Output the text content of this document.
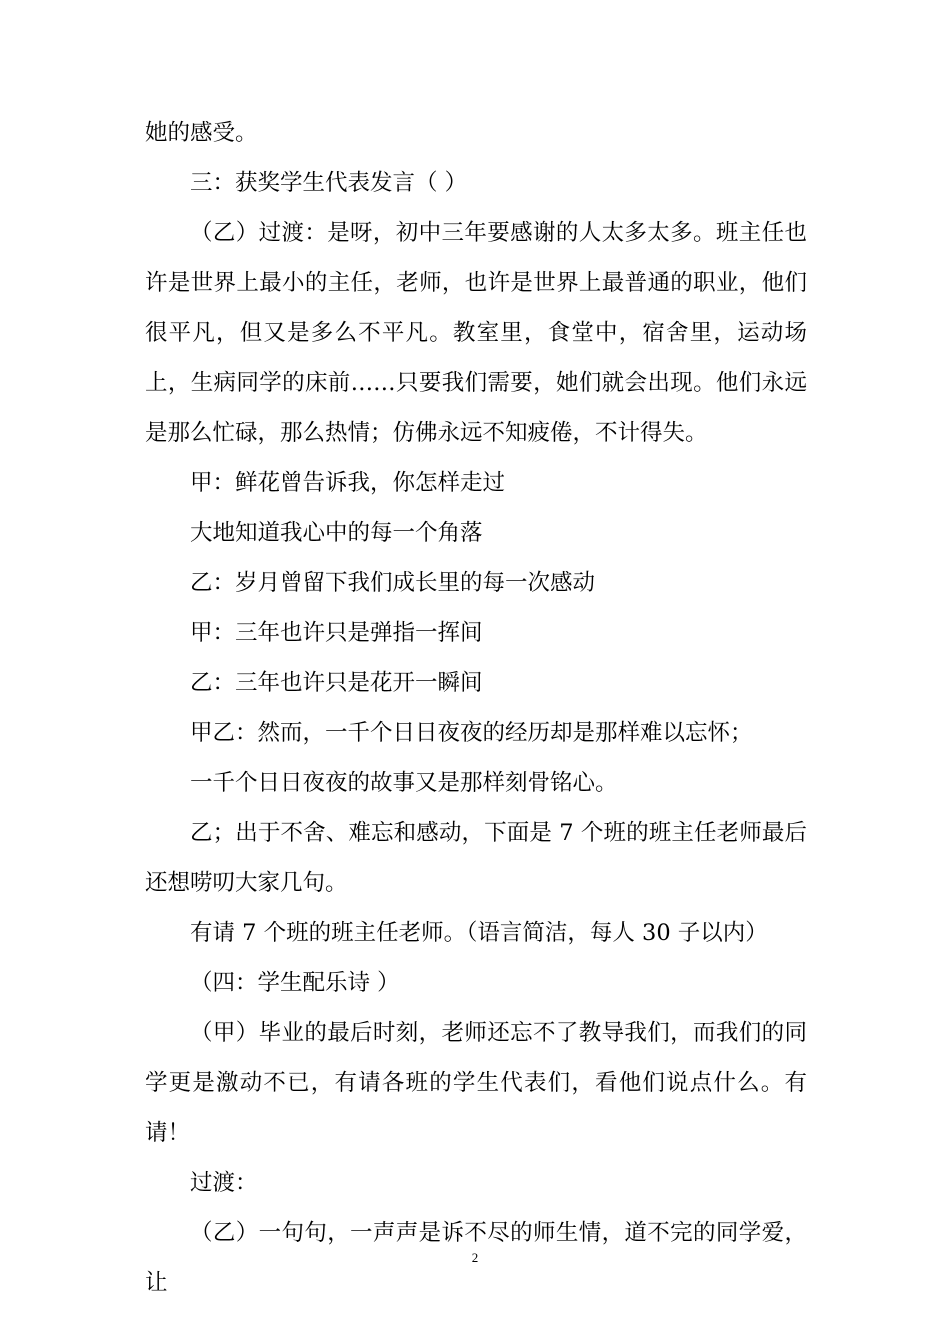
她的感受。

三：获奖学生代表发言（ ）

（乙）过渡：是呀，初中三年要感谢的人太多太多。班主任也许是世界上最小的主任，老师，也许是世界上最普通的职业，他们很平凡，但又是多么不平凡。教室里，食堂中，宿舍里，运动场上，生病同学的床前……只要我们需要，她们就会出现。他们永远是那么忙碌，那么热情；仿佛永远不知疲倦，不计得失。

甲：鲜花曾告诉我，你怎样走过

大地知道我心中的每一个角落

乙：岁月曾留下我们成长里的每一次感动

甲：三年也许只是弹指一挥间

乙：三年也许只是花开一瞬间

甲乙：然而，一千个日日夜夜的经历却是那样难以忘怀；

一千个日日夜夜的故事又是那样刻骨铭心。

乙；出于不舍、难忘和感动，下面是 7 个班的班主任老师最后还想唠叨大家几句。

有请 7 个班的班主任老师。（语言简洁，每人 30 子以内）

（四：学生配乐诗 ）

（甲）毕业的最后时刻，老师还忘不了教导我们，而我们的同学更是激动不已，有请各班的学生代表们，看他们说点什么。有请！

过渡：

（乙）一句句，一声声是诉不尽的师生情，道不完的同学爱，让

2
